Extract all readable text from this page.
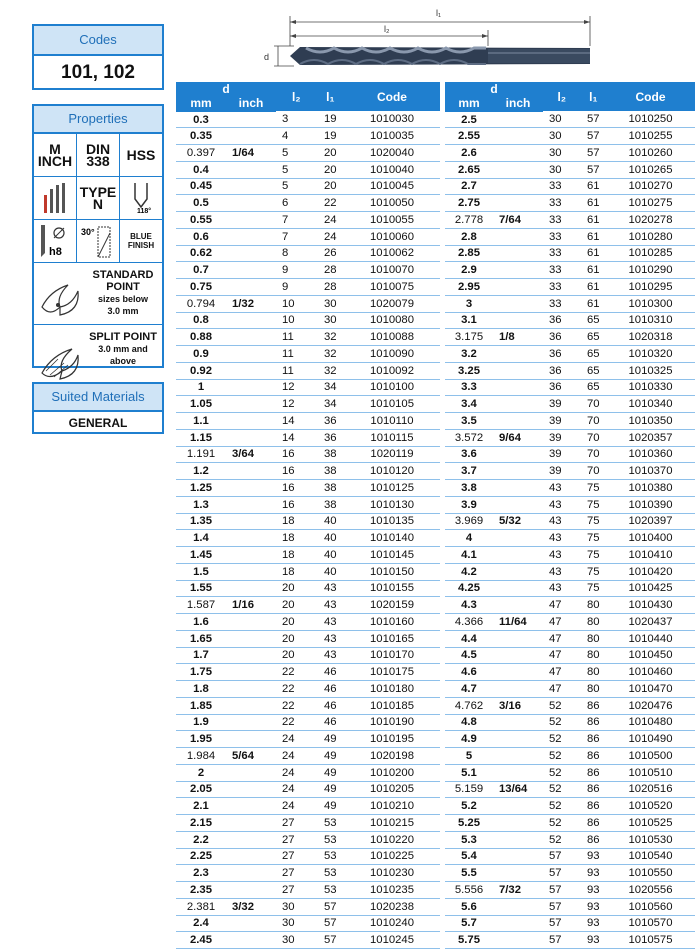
l₁
l₂
d
Codes
101, 102
Properties
M
INCH
DIN
338	HSS
TYPE
N	118°
h8
30°	BLUE
FINISH
STANDARD
POINT
sizes below
3.0 mm
SPLIT POINT
3.0 mm and
above
Suited Materials
GENERAL
d		l₂	l₁	Code
mm	inch			
0.3		3	19	1010030
0.35		4	19	1010035
0.397	1/64	5	20	1020040
0.4		5	20	1010040
0.45		5	20	1010045
0.5		6	22	1010050
0.55		7	24	1010055
0.6		7	24	1010060
0.62		8	26	1010062
0.7		9	28	1010070
0.75		9	28	1010075
0.794	1/32	10	30	1020079
0.8		10	30	1010080
0.88		11	32	1010088
0.9		11	32	1010090
0.92		11	32	1010092
1		12	34	1010100
1.05		12	34	1010105
1.1		14	36	1010110
1.15		14	36	1010115
1.191	3/64	16	38	1020119
1.2		16	38	1010120
1.25		16	38	1010125
1.3		16	38	1010130
1.35		18	40	1010135
1.4		18	40	1010140
1.45		18	40	1010145
1.5		18	40	1010150
1.55		20	43	1010155
1.587	1/16	20	43	1020159
1.6		20	43	1010160
1.65		20	43	1010165
1.7		20	43	1010170
1.75		22	46	1010175
1.8		22	46	1010180
1.85		22	46	1010185
1.9		22	46	1010190
1.95		24	49	1010195
1.984	5/64	24	49	1020198
2		24	49	1010200
2.05		24	49	1010205
2.1		24	49	1010210
2.15		27	53	1010215
2.2		27	53	1010220
2.25		27	53	1010225
2.3		27	53	1010230
2.35		27	53	1010235
2.381	3/32	30	57	1020238
2.4		30	57	1010240
2.45		30	57	1010245
d		l₂	l₁	Code
mm	inch			
2.5		30	57	1010250
2.55		30	57	1010255
2.6		30	57	1010260
2.65		30	57	1010265
2.7		33	61	1010270
2.75		33	61	1010275
2.778	7/64	33	61	1020278
2.8		33	61	1010280
2.85		33	61	1010285
2.9		33	61	1010290
2.95		33	61	1010295
3		33	61	1010300
3.1		36	65	1010310
3.175	1/8	36	65	1020318
3.2		36	65	1010320
3.25		36	65	1010325
3.3		36	65	1010330
3.4		39	70	1010340
3.5		39	70	1010350
3.572	9/64	39	70	1020357
3.6		39	70	1010360
3.7		39	70	1010370
3.8		43	75	1010380
3.9		43	75	1010390
3.969	5/32	43	75	1020397
4		43	75	1010400
4.1		43	75	1010410
4.2		43	75	1010420
4.25		43	75	1010425
4.3		47	80	1010430
4.366	11/64	47	80	1020437
4.4		47	80	1010440
4.5		47	80	1010450
4.6		47	80	1010460
4.7		47	80	1010470
4.762	3/16	52	86	1020476
4.8		52	86	1010480
4.9		52	86	1010490
5		52	86	1010500
5.1		52	86	1010510
5.159	13/64	52	86	1020516
5.2		52	86	1010520
5.25		52	86	1010525
5.3		52	86	1010530
5.4		57	93	1010540
5.5		57	93	1010550
5.556	7/32	57	93	1020556
5.6		57	93	1010560
5.7		57	93	1010570
5.75		57	93	1010575
